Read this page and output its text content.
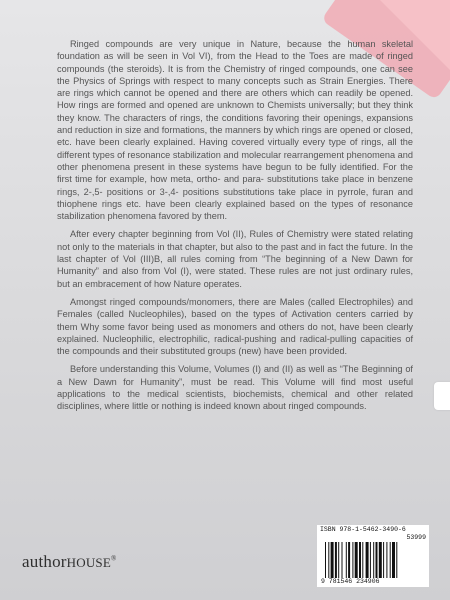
Ringed compounds are very unique in Nature, because the human skeletal foundation as will be seen in Vol VI), from the Head to the Toes are made of ringed compounds (the steroids). It is from the Chemistry of ringed compounds, one can see the Physics of Springs with respect to many concepts such as Strain Energies. There are rings which cannot be opened and there are others which can readily be opened. How rings are formed and opened are unknown to Chemists universally; but they think they know. The characters of rings, the conditions favoring their openings, expansions and reduction in size and formations, the manners by which rings are opened or closed, etc. have been clearly explained. Having covered virtually every type of rings, all the different types of resonance stabilization and molecular rearrangement phenomena and other phenomena present in these systems have begun to be fully identified. For the first time for example, how meta, ortho- and para- substitutions take place in benzene rings, 2-,5- positions or 3-,4- positions substitutions take place in pyrrole, furan and thiophene rings etc. have been clearly explained based on the types of resonance stabilization phenomena favored by them.

After every chapter beginning from Vol (II), Rules of Chemistry were stated relating not only to the materials in that chapter, but also to the past and in fact the future. In the last chapter of Vol (III)B, all rules coming from “The beginning of a New Dawn for Humanity” and also from Vol (I), were stated. These rules are not just ordinary rules, but an embracement of how Nature operates.

Amongst ringed compounds/monomers, there are Males (called Electrophiles) and Females (called Nucleophiles), based on the types of Activation centers carried by them Why some favor being used as monomers and others do not, have been clearly explained. Nucleophilic, electrophilic, radical-pushing and radical-pulling capacities of the compounds and their substituted groups (new) have been provided.

Before understanding this Volume, Volumes (I) and (II) as well as “The Beginning of a New Dawn for Humanity”, must be read. This Volume will find most useful applications to the medical scientists, biochemists, chemical and other related disciplines, where little or nothing is indeed known about ringed compounds.

authorHOUSE®
ISBN 978-1-5462-3490-6
53999
9 781546 234906
